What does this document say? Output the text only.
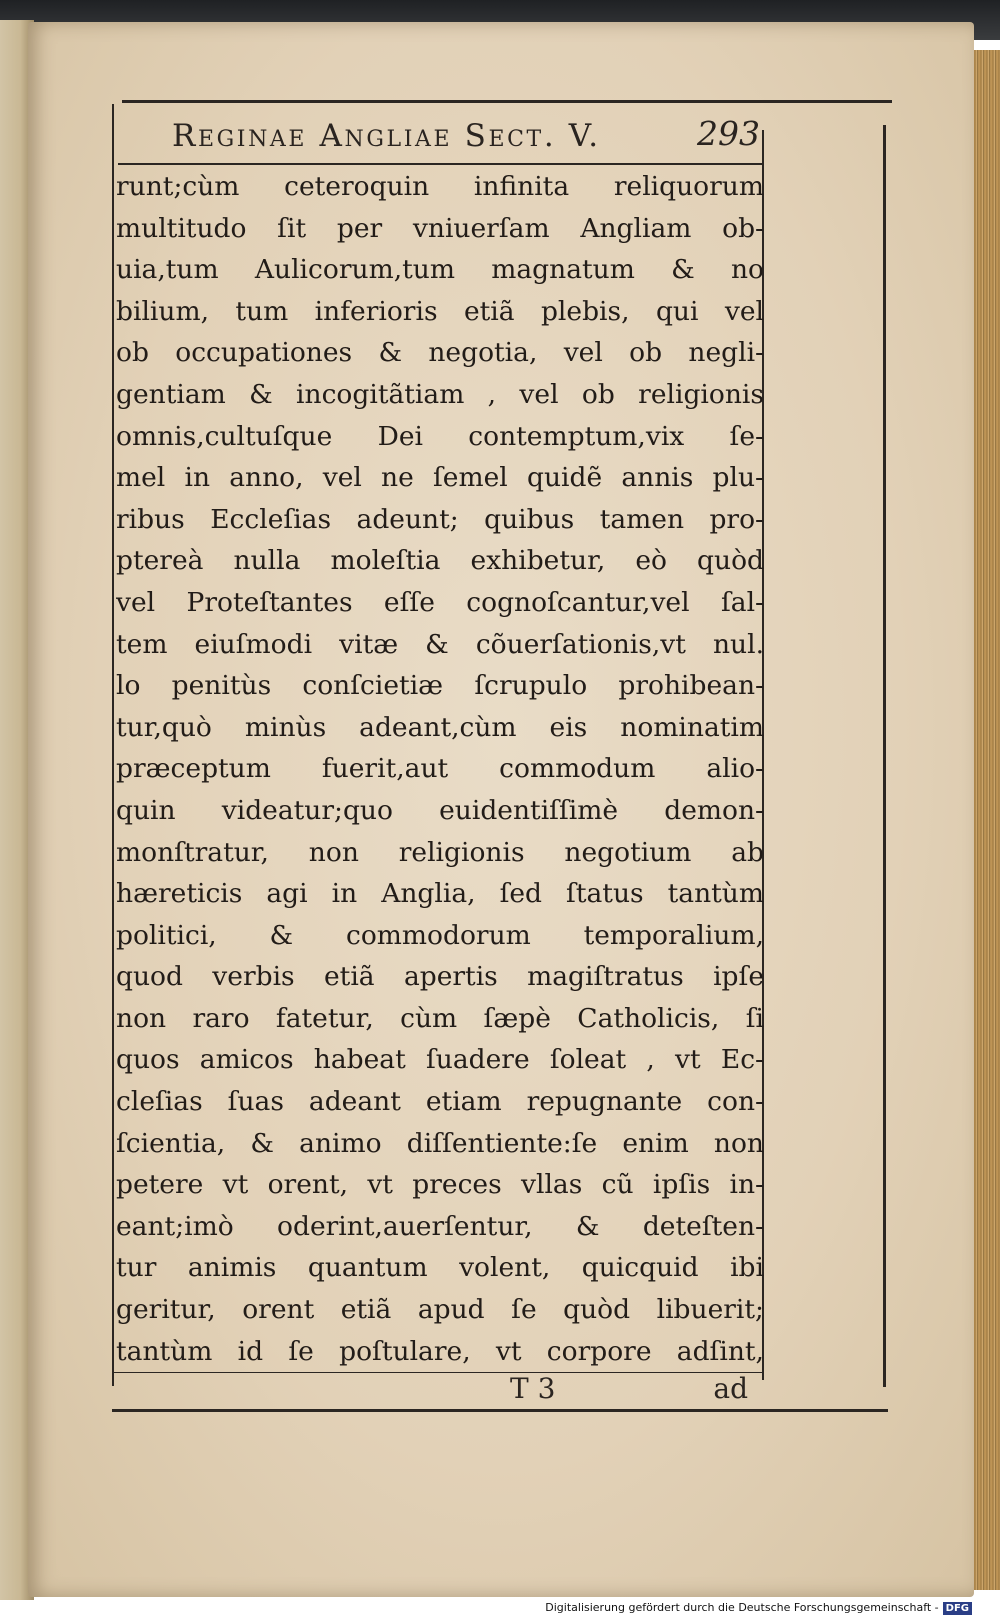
Reginae Angliae Sect. V.	293
runt;cùm ceteroquin infinita reliquorum
multitudo ſit per vniuerſam Angliam ob-
uia,tum Aulicorum,tum magnatum & no
bilium, tum inferioris etiã plebis, qui vel
ob occupationes & negotia, vel ob negli-
gentiam & incogitãtiam , vel ob religionis
omnis,cultuſque Dei contemptum,vix ſe-
mel in anno, vel ne ſemel quidẽ annis plu-
ribus Eccleſias adeunt; quibus tamen pro-
ptereà nulla moleſtia exhibetur, eò quòd
vel Proteſtantes eſſe cognoſcantur,vel ſal-
tem eiuſmodi vitæ & cõuerſationis,vt nul.
lo penitùs conſcietiæ ſcrupulo prohibean-
tur,quò minùs adeant,cùm eis nominatim
præceptum fuerit,aut commodum alio-
quin videatur;quo euidentiſſimè demon-
monſtratur, non religionis negotium ab
hæreticis agi in Anglia, ſed ſtatus tantùm
politici, & commodorum temporalium,
quod verbis etiã apertis magiſtratus ipſe
non raro fatetur, cùm ſæpè Catholicis, ſi
quos amicos habeat ſuadere ſoleat , vt Ec-
cleſias ſuas adeant etiam repugnante con-
ſcientia, & animo diſſentiente:ſe enim non
petere vt orent, vt preces vllas cũ ipſis in-
eant;imò oderint,auerſentur, & deteſten-
tur animis quantum volent, quicquid ibi
geritur, orent etiã apud ſe quòd libuerit;
tantùm id ſe poſtulare, vt corpore adſint,
T 3	ad
Digitalisierung gefördert durch die Deutsche Forschungsgemeinschaft - DFG
